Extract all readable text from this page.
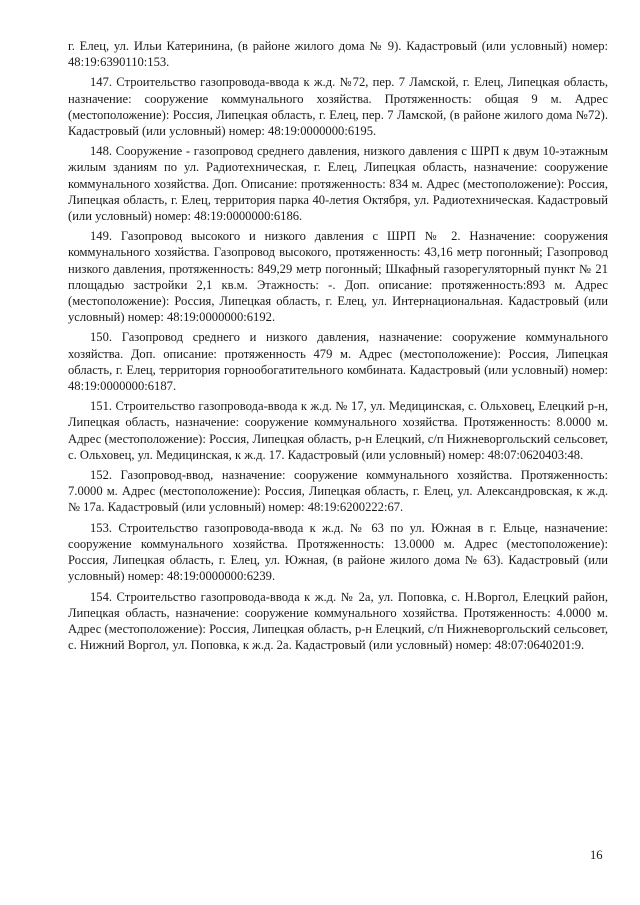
г. Елец, ул. Ильи Катеринина, (в районе жилого дома № 9). Кадастровый (или условный) номер: 48:19:6390110:153.

147. Строительство газопровода-ввода к ж.д. №72, пер. 7 Ламской, г. Елец, Липецкая область, назначение: сооружение коммунального хозяйства. Протяженность: общая 9 м. Адрес (местоположение): Россия, Липецкая область, г. Елец, пер. 7 Ламской, (в районе жилого дома №72). Кадастровый (или условный) номер: 48:19:0000000:6195.

148. Сооружение - газопровод среднего давления, низкого давления с ШРП к двум 10-этажным жилым зданиям по ул. Радиотехническая, г. Елец, Липецкая область, назначение: сооружение коммунального хозяйства. Доп. Описание: протяженность: 834 м. Адрес (местоположение): Россия, Липецкая область, г. Елец, территория парка 40-летия Октября, ул. Радиотехническая. Кадастровый (или условный) номер: 48:19:0000000:6186.

149. Газопровод высокого и низкого давления с ШРП № 2. Назначение: сооружения коммунального хозяйства. Газопровод высокого, протяженность: 43,16 метр погонный; Газопровод низкого давления, протяженность: 849,29 метр погонный; Шкафный газорегуляторный пункт № 21 площадью застройки 2,1 кв.м. Этажность: -. Доп. описание: протяженность:893 м. Адрес (местоположение): Россия, Липецкая область, г. Елец, ул. Интернациональная. Кадастровый (или условный) номер: 48:19:0000000:6192.

150. Газопровод среднего и низкого давления, назначение: сооружение коммунального хозяйства. Доп. описание: протяженность 479 м. Адрес (местоположение): Россия, Липецкая область, г. Елец, территория горнообогатительного комбината. Кадастровый (или условный) номер: 48:19:0000000:6187.

151. Строительство газопровода-ввода к ж.д. № 17, ул. Медицинская, с. Ольховец, Елецкий р-н, Липецкая область, назначение: сооружение коммунального хозяйства. Протяженность: 8.0000 м. Адрес (местоположение): Россия, Липецкая область, р-н Елецкий, с/п Нижневоргольский сельсовет, с. Ольховец, ул. Медицинская, к ж.д. 17. Кадастровый (или условный) номер: 48:07:0620403:48.

152. Газопровод-ввод, назначение: сооружение коммунального хозяйства. Протяженность: 7.0000 м. Адрес (местоположение): Россия, Липецкая область, г. Елец, ул. Александровская, к ж.д. № 17а. Кадастровый (или условный) номер: 48:19:6200222:67.

153. Строительство газопровода-ввода к ж.д. № 63 по ул. Южная в г. Ельце, назначение: сооружение коммунального хозяйства. Протяженность: 13.0000 м. Адрес (местоположение): Россия, Липецкая область, г. Елец, ул. Южная, (в районе жилого дома № 63). Кадастровый (или условный) номер: 48:19:0000000:6239.

154. Строительство газопровода-ввода к ж.д. № 2а, ул. Поповка, с. Н.Воргол, Елецкий район, Липецкая область, назначение: сооружение коммунального хозяйства. Протяженность: 4.0000 м. Адрес (местоположение): Россия, Липецкая область, р-н Елецкий, с/п Нижневоргольский сельсовет, с. Нижний Воргол, ул. Поповка, к ж.д. 2а. Кадастровый (или условный) номер: 48:07:0640201:9.

16
